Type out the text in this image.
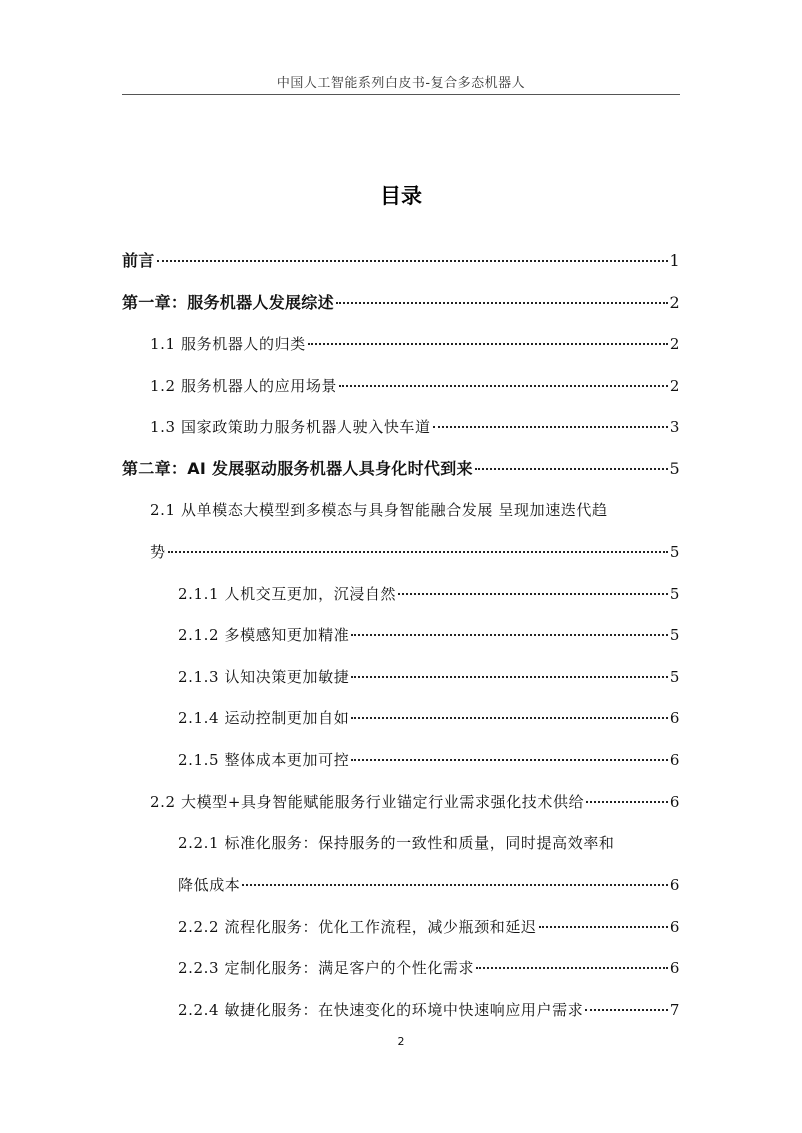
中国人工智能系列白皮书-复合多态机器人
目录
前言	1
第一章：服务机器人发展综述	2
1.1 服务机器人的归类	2
1.2 服务机器人的应用场景	2
1.3 国家政策助力服务机器人驶入快车道	3
第二章：AI 发展驱动服务机器人具身化时代到来	5
2.1 从单模态大模型到多模态与具身智能融合发展 呈现加速迭代趋
势	5
2.1.1 人机交互更加，沉浸自然	5
2.1.2 多模感知更加精准	5
2.1.3 认知决策更加敏捷	5
2.1.4 运动控制更加自如	6
2.1.5 整体成本更加可控	6
2.2 大模型+具身智能赋能服务行业锚定行业需求强化技术供给	6
2.2.1 标准化服务：保持服务的一致性和质量，同时提高效率和
降低成本	6
2.2.2 流程化服务：优化工作流程，减少瓶颈和延迟	6
2.2.3 定制化服务：满足客户的个性化需求	6
2.2.4 敏捷化服务：在快速变化的环境中快速响应用户需求	7
2
